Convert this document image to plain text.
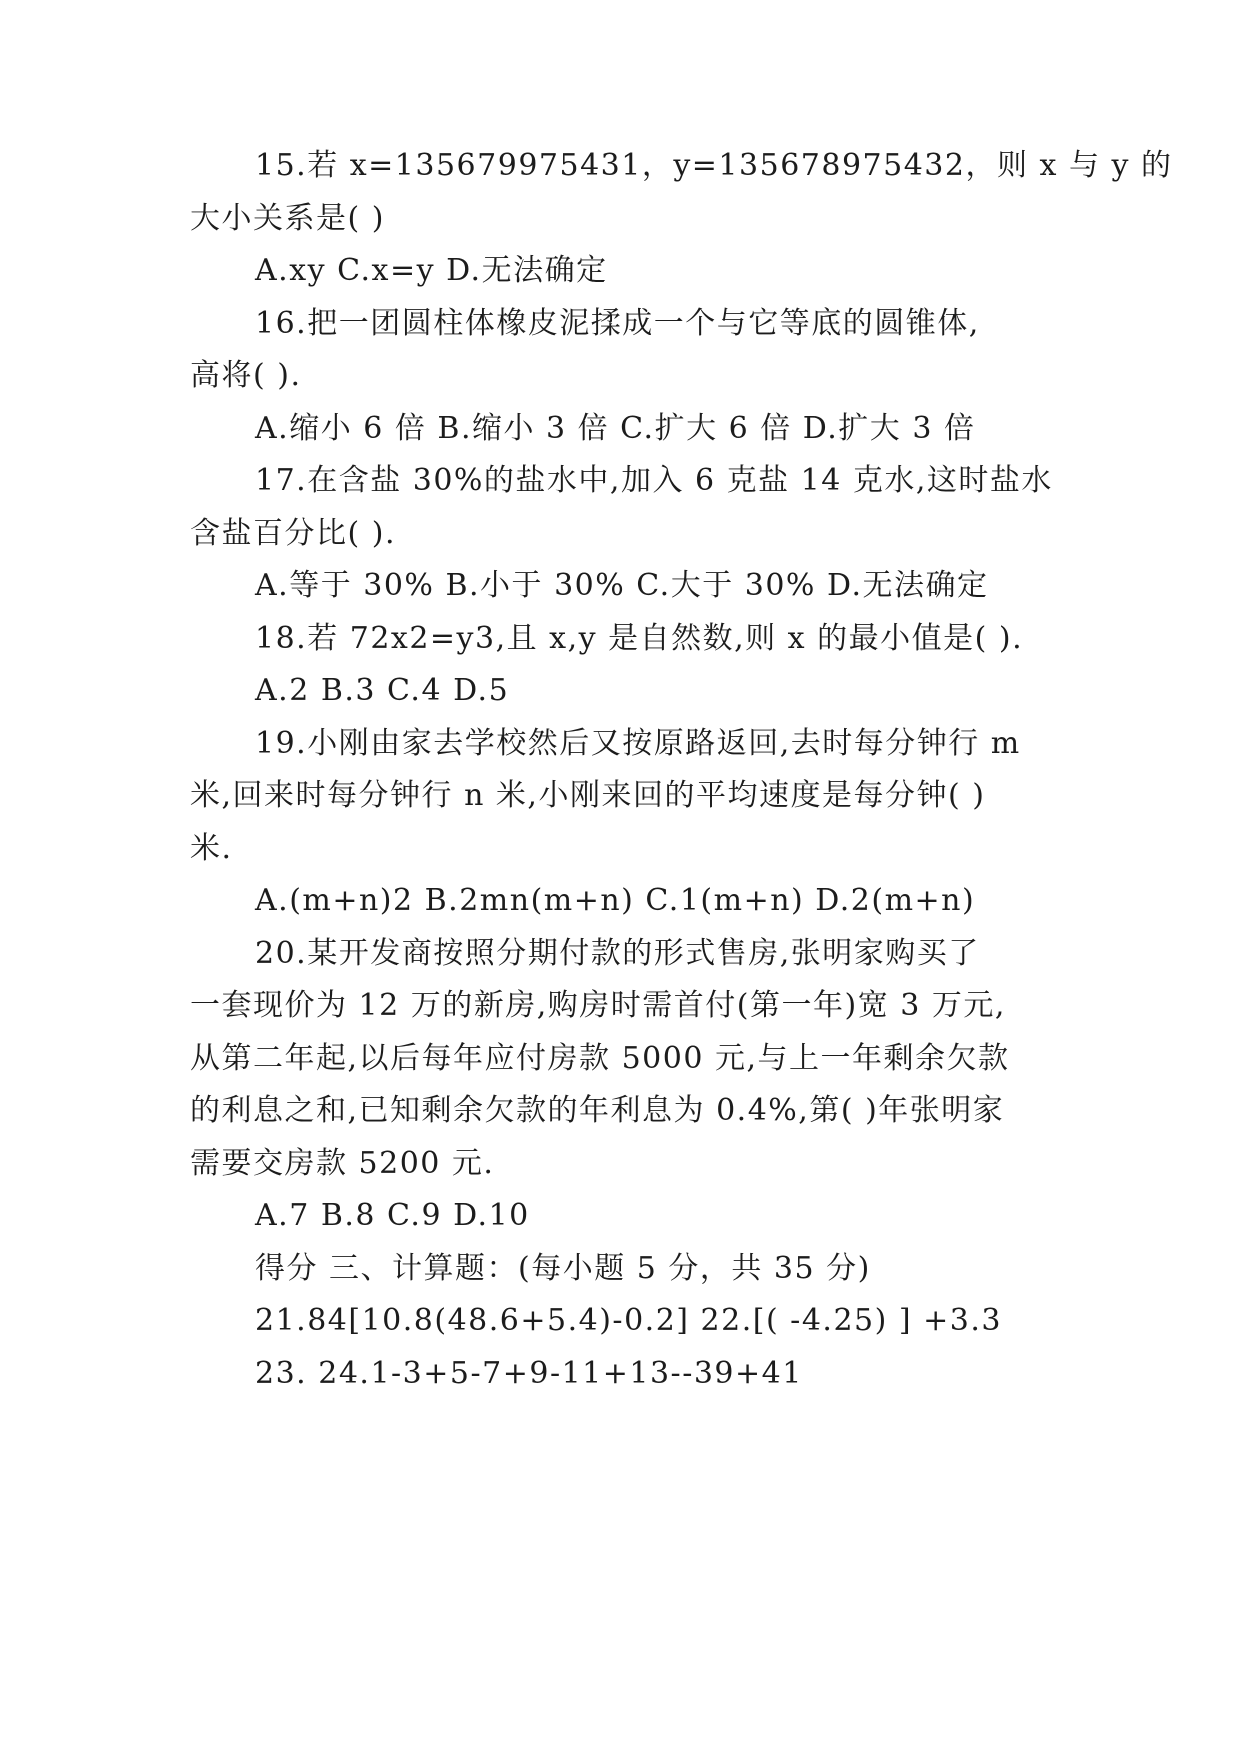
15.若 x=135679975431，y=135678975432，则 x 与 y 的
大小关系是( )
A.xy C.x=y D.无法确定
16.把一团圆柱体橡皮泥揉成一个与它等底的圆锥体,
高将( ).
A.缩小 6 倍 B.缩小 3 倍 C.扩大 6 倍 D.扩大 3 倍
17.在含盐 30%的盐水中,加入 6 克盐 14 克水,这时盐水
含盐百分比( ).
A.等于 30% B.小于 30% C.大于 30% D.无法确定
18.若 72x2=y3,且 x,y 是自然数,则 x 的最小值是( ).
A.2 B.3 C.4 D.5
19.小刚由家去学校然后又按原路返回,去时每分钟行 m
米,回来时每分钟行 n 米,小刚来回的平均速度是每分钟( )
米.
A.(m+n)2 B.2mn(m+n) C.1(m+n) D.2(m+n)
20.某开发商按照分期付款的形式售房,张明家购买了
一套现价为 12 万的新房,购房时需首付(第一年)宽 3 万元,
从第二年起,以后每年应付房款 5000 元,与上一年剩余欠款
的利息之和,已知剩余欠款的年利息为 0.4%,第( )年张明家
需要交房款 5200 元.
A.7 B.8 C.9 D.10
得分 三、计算题：(每小题 5 分，共 35 分)
21.84[10.8(48.6+5.4)-0.2] 22.[( -4.25) ] +3.3
23. 24.1-3+5-7+9-11+13--39+41
